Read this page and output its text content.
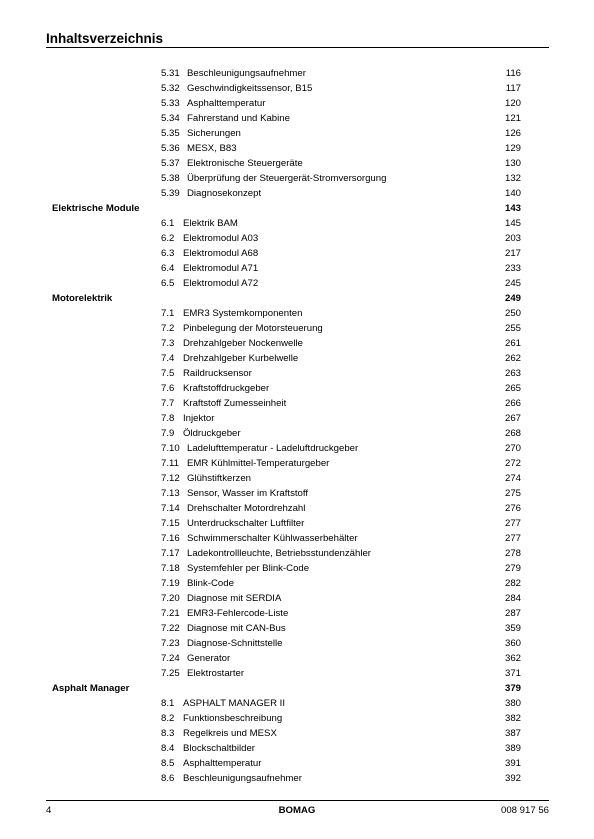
Inhaltsverzeichnis
5.31 Beschleunigungsaufnehmer	116
5.32 Geschwindigkeitssensor, B15	117
5.33 Asphalttemperatur	120
5.34 Fahrerstand und Kabine	121
5.35 Sicherungen	126
5.36 MESX, B83	129
5.37 Elektronische Steuergeräte	130
5.38 Überprüfung der Steuergerät-Stromversorgung	132
5.39 Diagnosekonzept	140
Elektrische Module	143
6.1 Elektrik BAM	145
6.2 Elektromodul A03	203
6.3 Elektromodul A68	217
6.4 Elektromodul A71	233
6.5 Elektromodul A72	245
Motorelektrik	249
7.1 EMR3 Systemkomponenten	250
7.2 Pinbelegung der Motorsteuerung	255
7.3 Drehzahlgeber Nockenwelle	261
7.4 Drehzahlgeber Kurbelwelle	262
7.5 Raildrucksensor	263
7.6 Kraftstoffdruckgeber	265
7.7 Kraftstoff Zumesseinheit	266
7.8 Injektor	267
7.9 Öldruckgeber	268
7.10 Ladelufttemperatur - Ladeluftdruckgeber	270
7.11 EMR Kühlmittel-Temperaturgeber	272
7.12 Glühstiftkerzen	274
7.13 Sensor, Wasser im Kraftstoff	275
7.14 Drehschalter Motordrehzahl	276
7.15 Unterdruckschalter Luftfilter	277
7.16 Schwimmerschalter Kühlwasserbehälter	277
7.17 Ladekontrollleuchte, Betriebsstundenzähler	278
7.18 Systemfehler per Blink-Code	279
7.19 Blink-Code	282
7.20 Diagnose mit SERDIA	284
7.21 EMR3-Fehlercode-Liste	287
7.22 Diagnose mit CAN-Bus	359
7.23 Diagnose-Schnittstelle	360
7.24 Generator	362
7.25 Elektrostarter	371
Asphalt Manager	379
8.1 ASPHALT MANAGER II	380
8.2 Funktionsbeschreibung	382
8.3 Regelkreis und MESX	387
8.4 Blockschaltbilder	389
8.5 Asphalttemperatur	391
8.6 Beschleunigungsaufnehmer	392
4	BOMAG	008 917 56
